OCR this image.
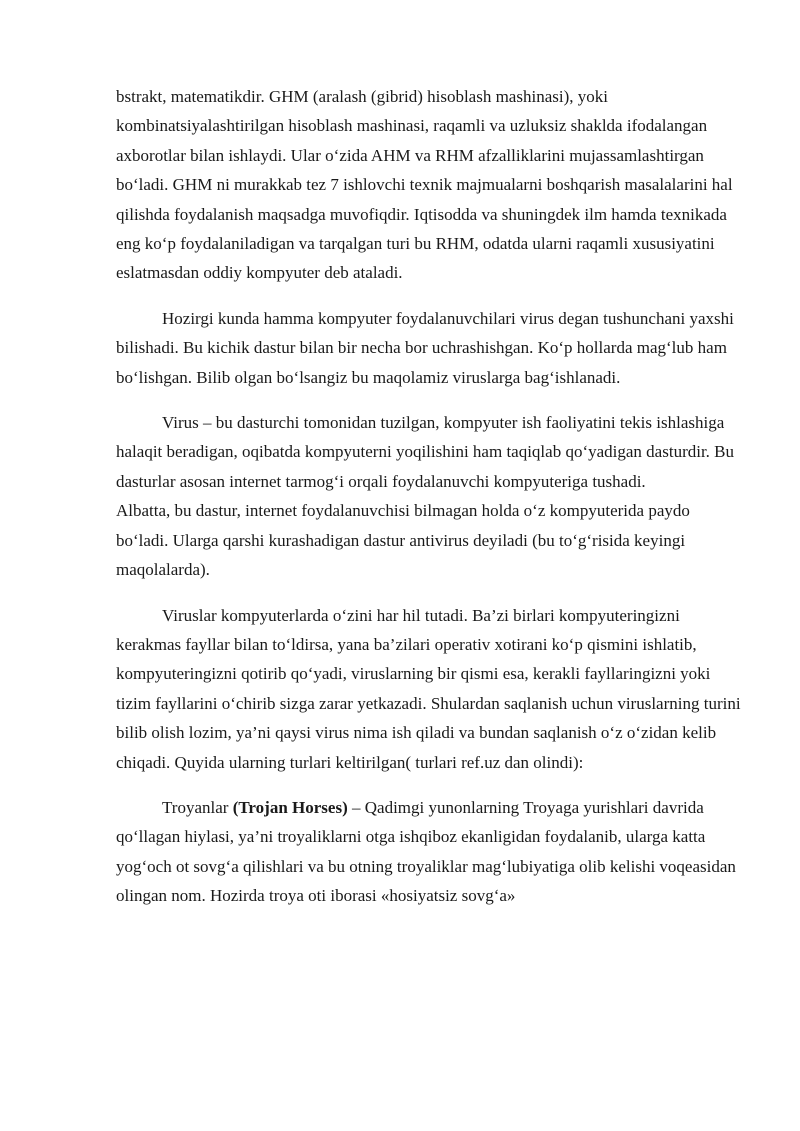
bstrakt, matematikdir. GHM (aralash (gibrid) hisoblash mashinasi), yoki kombinatsiyalashtirilgan hisoblash mashinasi, raqamli va uzluksiz shaklda ifodalangan axborotlar bilan ishlaydi. Ular o‘zida AHM va RHM afzalliklarini mujassamlashtirgan bo‘ladi. GHM ni murakkab tez 7 ishlovchi texnik majmualarni boshqarish masalalarini hal qilishda foydalanish maqsadga muvofiqdir. Iqtisodda va shuningdek ilm hamda texnikada eng ko‘p foydalaniladigan va tarqalgan turi bu RHM, odatda ularni raqamli xususiyatini eslatmasdan oddiy kompyuter deb ataladi.

Hozirgi kunda hamma kompyuter foydalanuvchilari virus degan tushunchani yaxshi bilishadi. Bu kichik dastur bilan bir necha bor uchrashishgan. Ko‘p hollarda mag‘lub ham bo‘lishgan. Bilib olgan bo‘lsangiz bu maqolamiz viruslarga bag‘ishlanadi.

Virus – bu dasturchi tomonidan tuzilgan, kompyuter ish faoliyatini tekis ishlashiga halaqit beradigan, oqibatda kompyuterni yoqilishini ham taqiqlab qo‘yadigan dasturdir. Bu dasturlar asosan internet tarmog‘i orqali foydalanuvchi kompyuteriga tushadi.

Albatta, bu dastur, internet foydalanuvchisi bilmagan holda o‘z kompyuterida paydo bo‘ladi. Ularga qarshi kurashadigan dastur antivirus deyiladi (bu to‘g‘risida keyingi maqolalarda).

Viruslar kompyuterlarda o‘zini har hil tutadi. Ba’zi birlari kompyuteringizni kerakmas fayllar bilan to‘ldirsa, yana ba’zilari operativ xotirani ko‘p qismini ishlatib, kompyuteringizni qotirib qo‘yadi, viruslarning bir qismi esa, kerakli fayllaringizni yoki tizim fayllarini o‘chirib sizga zarar yetkazadi. Shulardan saqlanish uchun viruslarning turini bilib olish lozim, ya’ni qaysi virus nima ish qiladi va bundan saqlanish o‘z o‘zidan kelib chiqadi. Quyida ularning turlari keltirilgan( turlari ref.uz dan olindi):

Troyanlar (Trojan Horses) – Qadimgi yunonlarning Troyaga yurishlari davrida qo‘llagan hiylasi, ya’ni troyaliklarni otga ishqiboz ekanligidan foydalanib, ularga katta yog‘och ot sovg‘a qilishlari va bu otning troyaliklar mag‘lubiyatiga olib kelishi voqeasidan olingan nom. Hozirda troya oti iborasi «hosiyatsiz sovg‘a»
